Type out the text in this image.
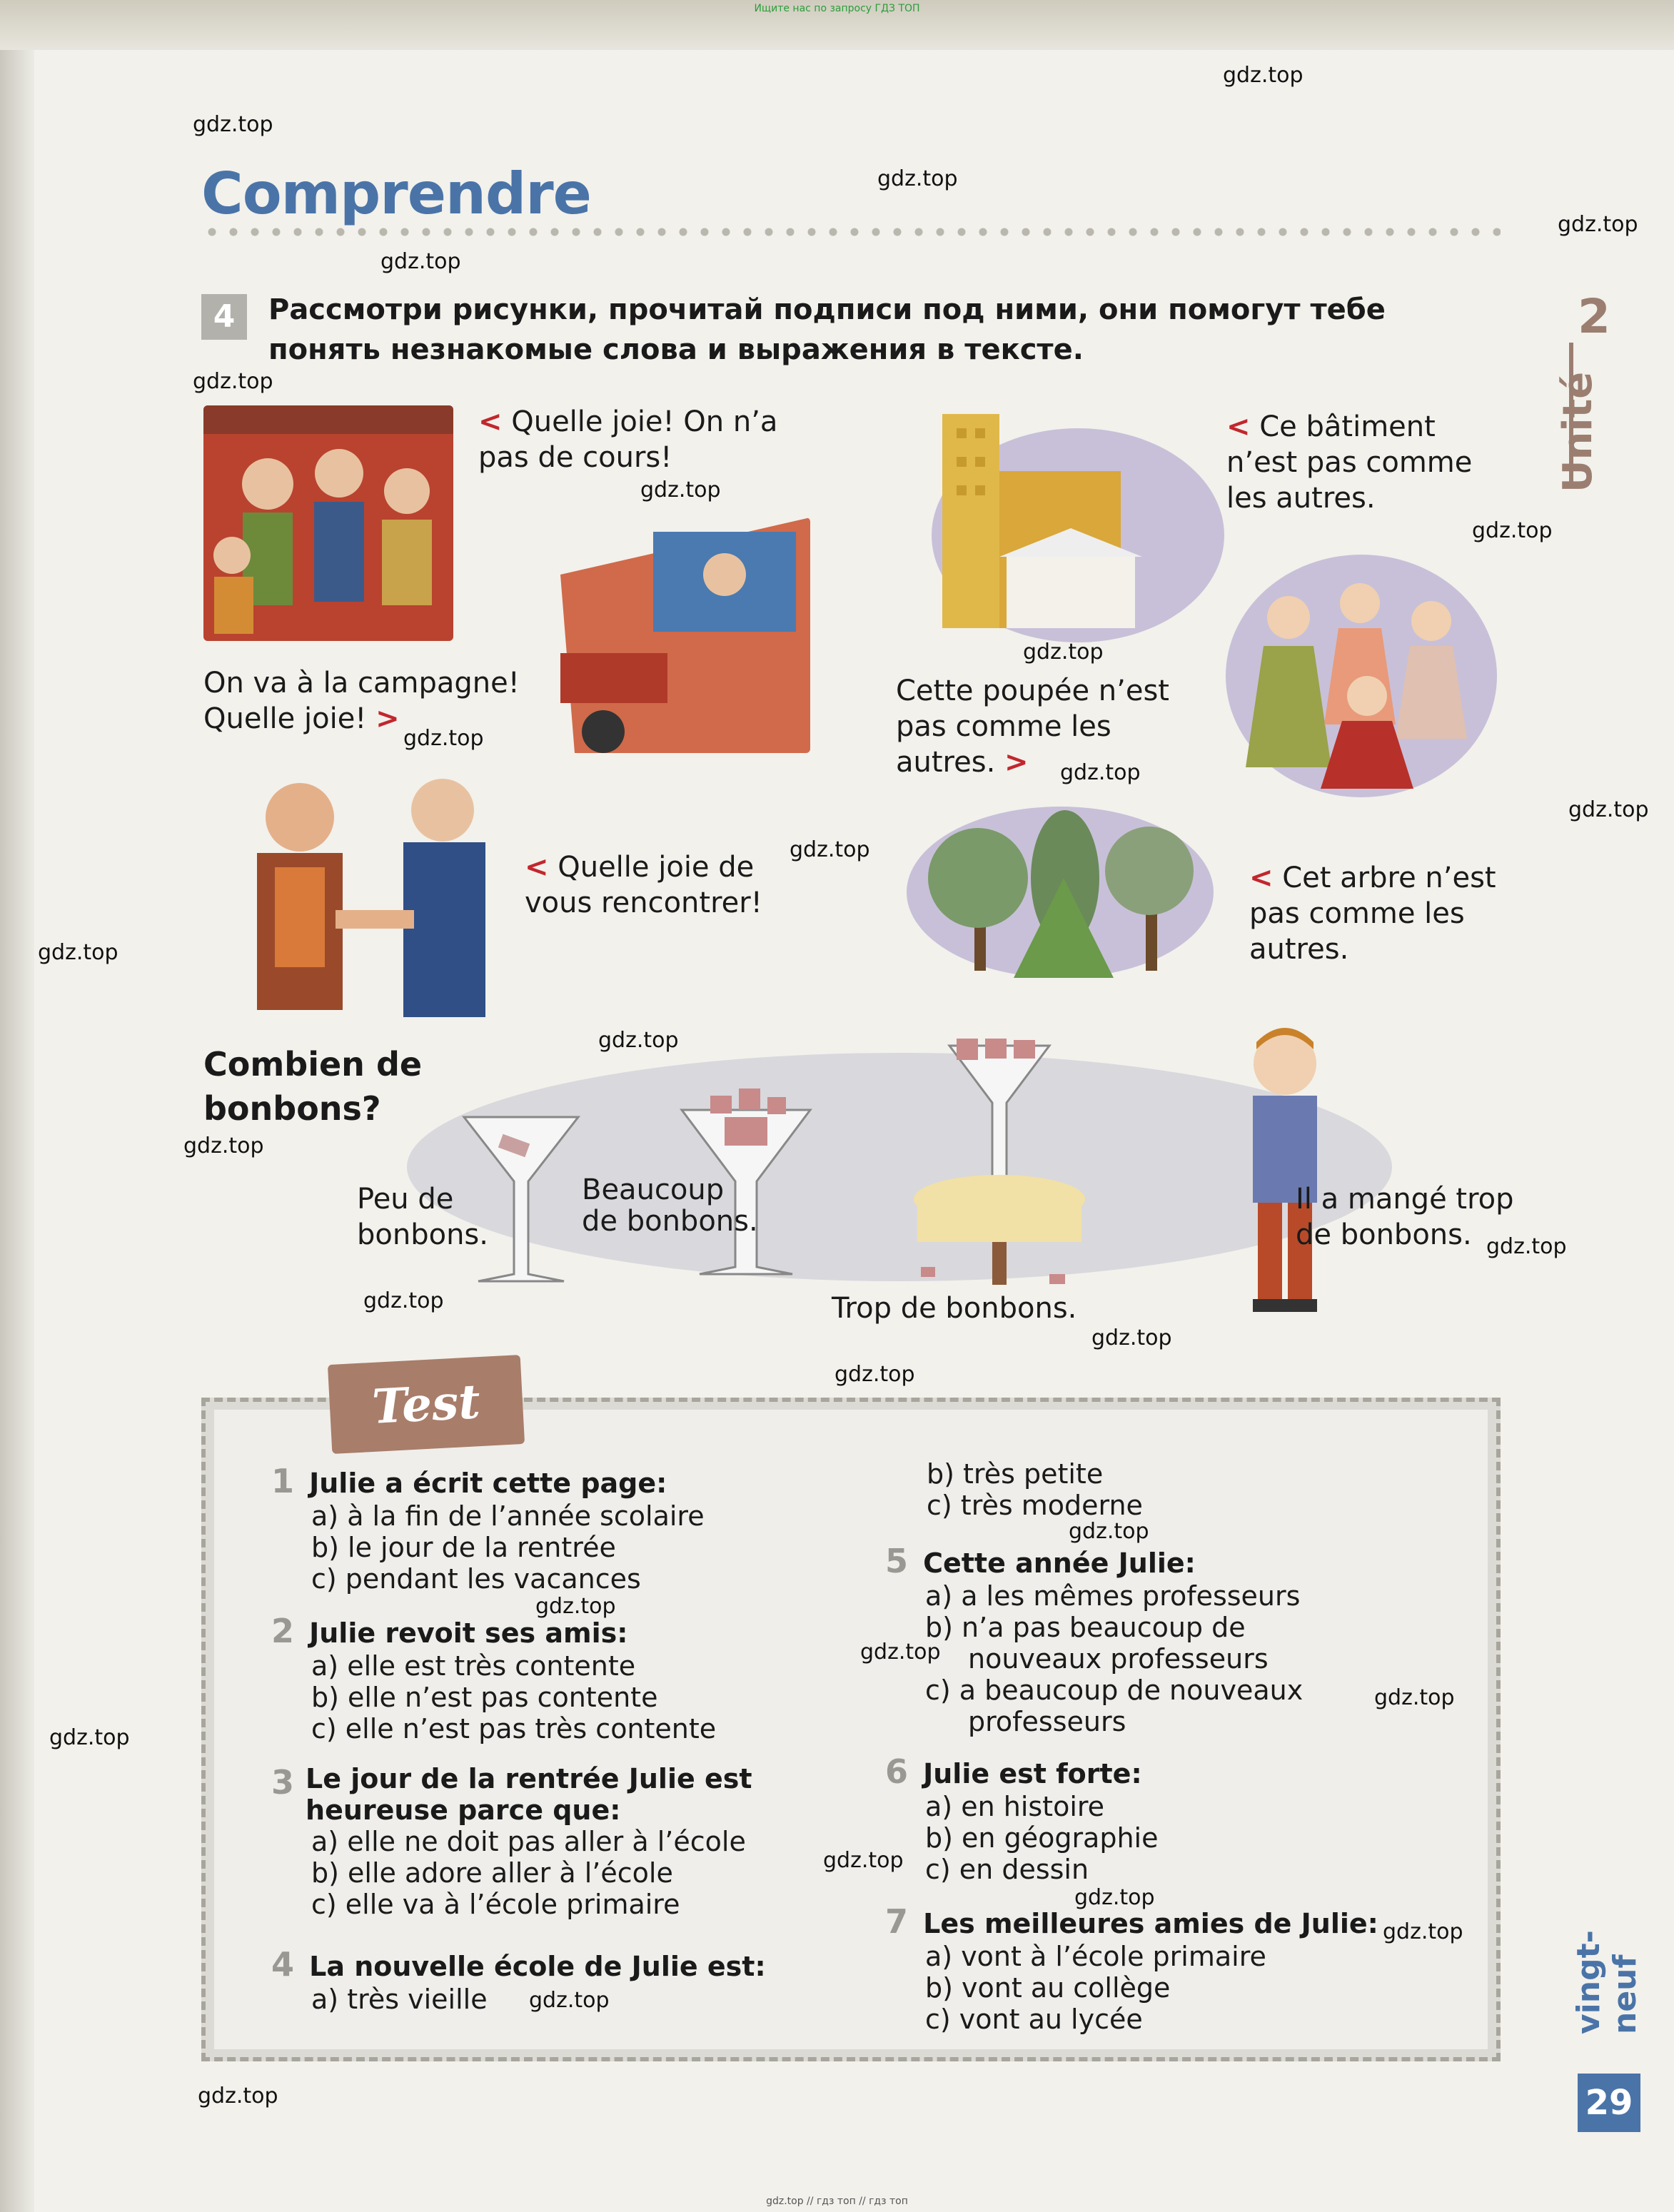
Ищите нас по запросу ГДЗ ТОП
Comprendre
4	Рассмотри рисунки, прочитай подписи под ними, они помогут тебе понять незнакомые слова и выражения в тексте.
< Quelle joie! On n’a pas de cours!
On va à la campagne! Quelle joie! >
< Quelle joie de vous rencontrer!
< Ce bâtiment n’est pas comme les autres.
Cette poupée n’est pas comme les autres. >
< Cet arbre n’est pas comme les autres.
Combien de bonbons?
Peu de bonbons.
Beaucoup de bonbons.
Trop de bonbons.
Il a mangé trop de bonbons.
Test
1 Julie a écrit cette page:
a) à la fin de l’année scolaire
b) le jour de la rentrée
c) pendant les vacances
2 Julie revoit ses amis:
a) elle est très contente
b) elle n’est pas contente
c) elle n’est pas très contente
3 Le jour de la rentrée Julie est heureuse parce que:
a) elle ne doit pas aller à l’école
b) elle adore aller à l’école
c) elle va à l’école primaire
4 La nouvelle école de Julie est:
a) très vieille
b) très petite
c) très moderne
5 Cette année Julie:
a) a les mêmes professeurs
b) n’a pas beaucoup de nouveaux professeurs
c) a beaucoup de nouveaux professeurs
6 Julie est forte:
a) en histoire
b) en géographie
c) en dessin
7 Les meilleures amies de Julie:
a) vont à l’école primaire
b) vont au collège
c) vont au lycée
2
Unité
vingt-neuf
29
gdz.top
gdz.top
gdz.top
gdz.top
gdz.top
gdz.top
gdz.top
gdz.top
gdz.top
gdz.top
gdz.top
gdz.top
gdz.top
gdz.top
gdz.top
gdz.top
gdz.top
gdz.top
gdz.top
gdz.top
gdz.top
gdz.top
gdz.top
gdz.top
gdz.top
gdz.top
gdz.top
gdz.top
gdz.top
gdz.top
gdz.top // гдз топ // гдз топ
